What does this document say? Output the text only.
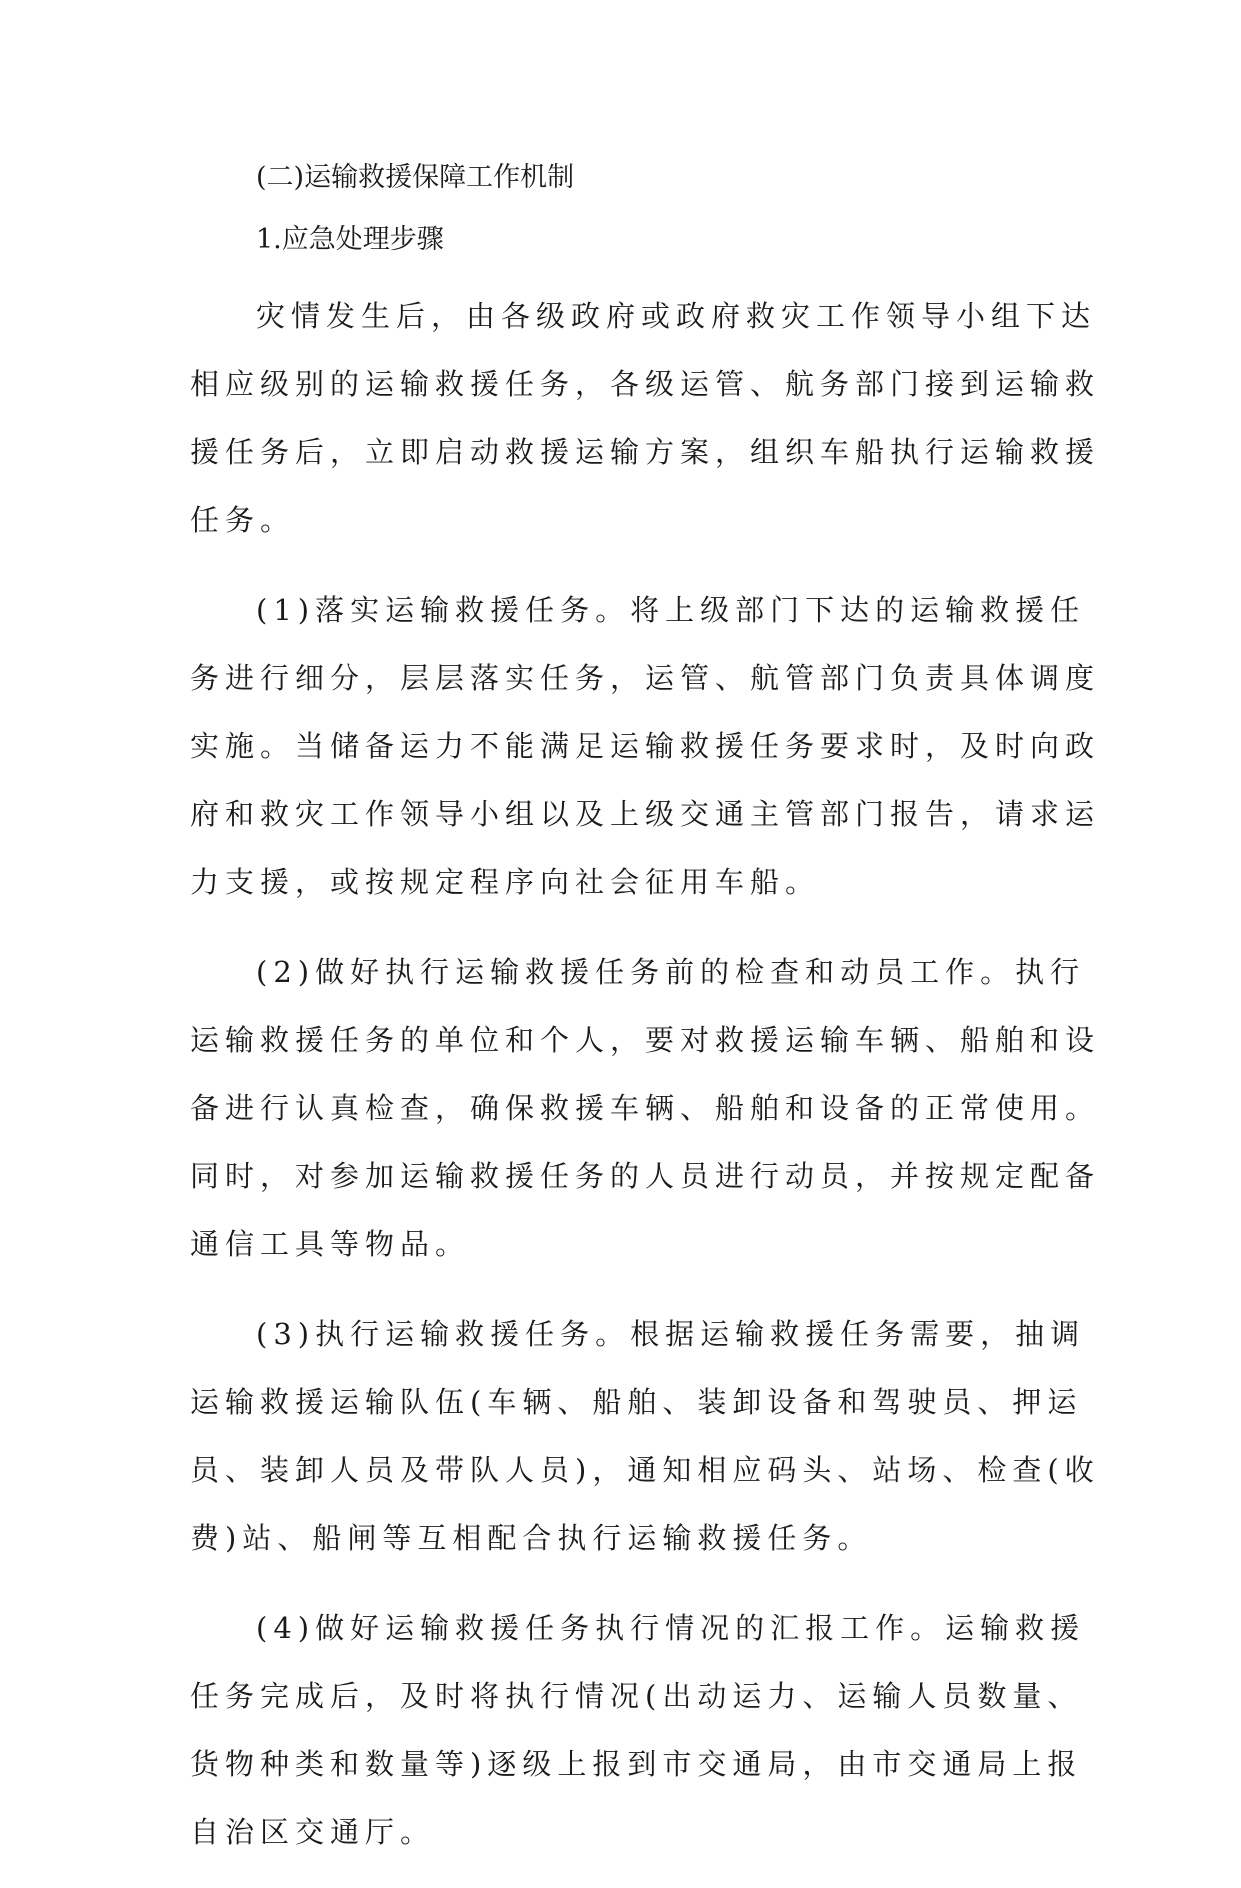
(二)运输救援保障工作机制
1.应急处理步骤
灾情发生后，由各级政府或政府救灾工作领导小组下达
相应级别的运输救援任务，各级运管、航务部门接到运输救
援任务后，立即启动救援运输方案，组织车船执行运输救援
任务。
(1)落实运输救援任务。将上级部门下达的运输救援任
务进行细分，层层落实任务，运管、航管部门负责具体调度
实施。当储备运力不能满足运输救援任务要求时，及时向政
府和救灾工作领导小组以及上级交通主管部门报告，请求运
力支援，或按规定程序向社会征用车船。
(2)做好执行运输救援任务前的检查和动员工作。执行
运输救援任务的单位和个人，要对救援运输车辆、船舶和设
备进行认真检查，确保救援车辆、船舶和设备的正常使用。
同时，对参加运输救援任务的人员进行动员，并按规定配备
通信工具等物品。
(3)执行运输救援任务。根据运输救援任务需要，抽调
运输救援运输队伍(车辆、船舶、装卸设备和驾驶员、押运
员、装卸人员及带队人员)，通知相应码头、站场、检查(收
费)站、船闸等互相配合执行运输救援任务。
(4)做好运输救援任务执行情况的汇报工作。运输救援
任务完成后，及时将执行情况(出动运力、运输人员数量、
货物种类和数量等)逐级上报到市交通局，由市交通局上报
自治区交通厅。
